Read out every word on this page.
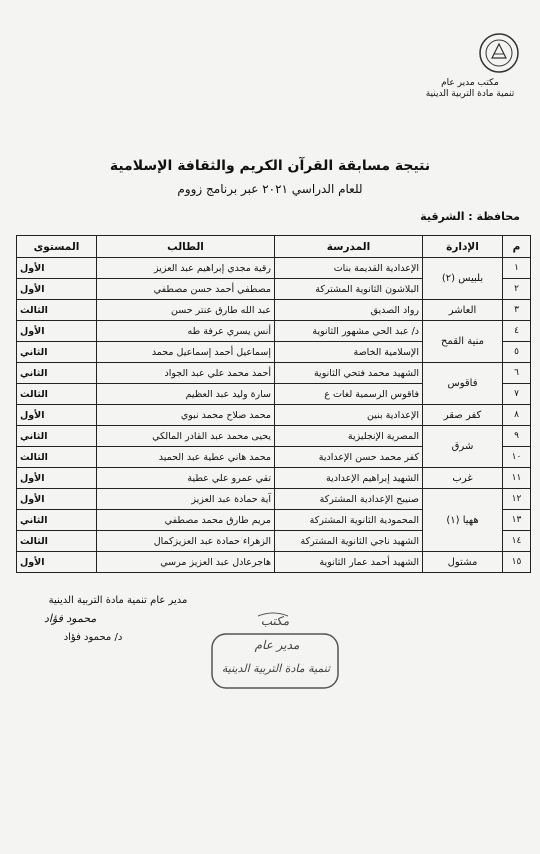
مكتب مدير عام
تنمية مادة التربية الدينية
نتيجة مسابقة القرآن الكريم والثقافة الإسلامية
للعام الدراسي ٢٠٢١ عبر برنامج زووم
محافظة : الشرقية
م	الإدارة	المدرسة	الطالب	المستوى
١	بلبيس (٢)	الإعدادية القديمة بنات	رقية مجدي إبراهيم عبد العزيز	الأول
٢		البلاشون الثانوية المشتركة	مصطفي أحمد حسن مصطفي	الأول
٣	العاشر	رواد الصديق	عبد الله طارق عنتر حسن	الثالث
٤	منية القمح	د/ عبد الحي مشهور الثانوية	أنس يسري عرفة طه	الأول
٥		الإسلامية الخاصة	إسماعيل أحمد إسماعيل محمد	الثاني
٦	فاقوس	الشهيد محمد فتحي الثانوية	أحمد محمد علي عبد الجواد	الثاني
٧		فاقوس الرسمية لغات ع	سارة وليد عبد العظيم	الثالث
٨	كفر صقر	الإعدادية بنين	محمد صلاح محمد نبوي	الأول
٩	شرق	المصرية الإنجليزية	يحيى محمد عبد القادر المالكي	الثاني
١٠		كفر محمد حسن الإعدادية	محمد هاني عطية عبد الحميد	الثالث
١١	غرب	الشهيد إبراهيم الإعدادية	تقي عمرو علي عطية	الأول
١٢	ههيا (١)	صنيبح الإعدادية المشتركة	آية حمادة عبد العزيز	الأول
١٣		المحمودية الثانوية المشتركة	مريم طارق محمد مصطفي	الثاني
١٤		الشهيد ناجي الثانوية المشتركة	الزهراء حمادة عبد العزيزكمال	الثالث
١٥	مشتول	الشهيد أحمد عمار الثانوية	هاجرعادل عبد العزيز مرسي	الأول
مدير عام تنمية مادة التربية الدينية
محمود فؤاد
د/ محمود فؤاد
مكتب
مدير عام
تنمية مادة التربية الدينية
